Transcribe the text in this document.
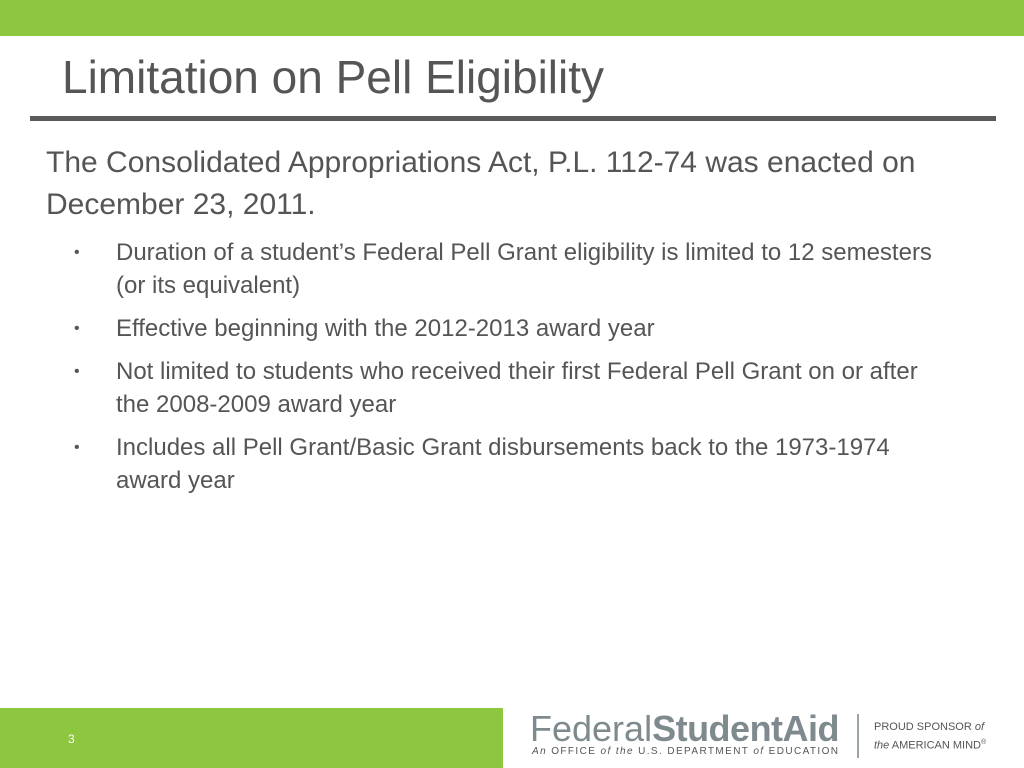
Limitation on Pell Eligibility

The Consolidated Appropriations Act, P.L. 112-74 was enacted on December 23, 2011.

• Duration of a student’s Federal Pell Grant eligibility is limited to 12 semesters (or its equivalent)
• Effective beginning with the 2012-2013 award year
• Not limited to students who received their first Federal Pell Grant on or after the 2008-2009 award year
• Includes all Pell Grant/Basic Grant disbursements back to the 1973-1974 award year
3	FederalStudentAid
An OFFICE of the U.S. DEPARTMENT of EDUCATION
PROUD SPONSOR of
the AMERICAN MIND®
